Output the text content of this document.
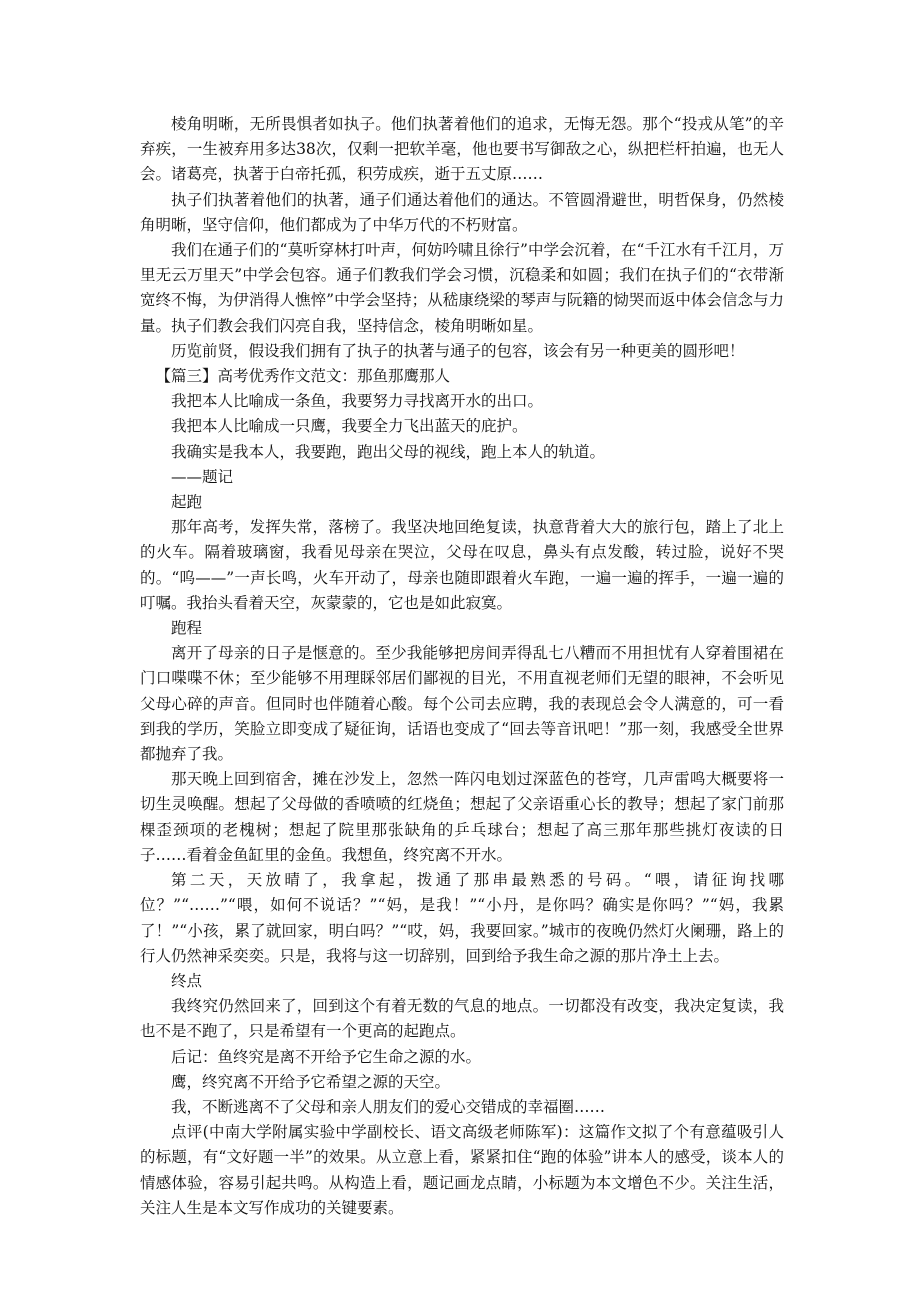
棱角明晰，无所畏惧者如执子。他们执著着他们的追求，无悔无怨。那个“投戎从笔”的辛弃疾，一生被弃用多达38次，仅剩一把软羊毫，他也要书写御敌之心，纵把栏杆拍遍，也无人会。诸葛亮，执著于白帝托孤，积劳成疾，逝于五丈原……

执子们执著着他们的执著，通子们通达着他们的通达。不管圆滑避世，明哲保身，仍然棱角明晰，坚守信仰，他们都成为了中华万代的不朽财富。

我们在通子们的“莫听穿林打叶声，何妨吟啸且徐行”中学会沉着，在“千江水有千江月，万里无云万里天”中学会包容。通子们教我们学会习惯，沉稳柔和如圆；我们在执子们的“衣带渐宽终不悔，为伊消得人憔悴”中学会坚持；从嵇康绕梁的琴声与阮籍的恸哭而返中体会信念与力量。执子们教会我们闪亮自我，坚持信念，棱角明晰如星。

历览前贤，假设我们拥有了执子的执著与通子的包容，该会有另一种更美的圆形吧！

【篇三】高考优秀作文范文：那鱼那鹰那人

我把本人比喻成一条鱼，我要努力寻找离开水的出口。

我把本人比喻成一只鹰，我要全力飞出蓝天的庇护。

我确实是我本人，我要跑，跑出父母的视线，跑上本人的轨道。

——题记

起跑

那年高考，发挥失常，落榜了。我坚决地回绝复读，执意背着大大的旅行包，踏上了北上的火车。隔着玻璃窗，我看见母亲在哭泣，父母在叹息，鼻头有点发酸，转过脸，说好不哭的。“呜——”一声长鸣，火车开动了，母亲也随即跟着火车跑，一遍一遍的挥手，一遍一遍的叮嘱。我抬头看着天空，灰蒙蒙的，它也是如此寂寞。

跑程

离开了母亲的日子是惬意的。至少我能够把房间弄得乱七八糟而不用担忧有人穿着围裙在门口喋喋不休；至少能够不用理睬邻居们鄙视的目光，不用直视老师们无望的眼神，不会听见父母心碎的声音。但同时也伴随着心酸。每个公司去应聘，我的表现总会令人满意的，可一看到我的学历，笑脸立即变成了疑征询，话语也变成了“回去等音讯吧！”那一刻，我感受全世界都抛弃了我。

那天晚上回到宿舍，摊在沙发上，忽然一阵闪电划过深蓝色的苍穹，几声雷鸣大概要将一切生灵唤醒。想起了父母做的香喷喷的红烧鱼；想起了父亲语重心长的教导；想起了家门前那棵歪颈项的老槐树；想起了院里那张缺角的乒乓球台；想起了高三那年那些挑灯夜读的日子……看着金鱼缸里的金鱼。我想鱼，终究离不开水。

第二天，天放晴了，我拿起，拨通了那串最熟悉的号码。“喂，请征询找哪位？”“……”“喂，如何不说话？”“妈，是我！”“小丹，是你吗？确实是你吗？”“妈，我累了！”“小孩，累了就回家，明白吗？”“哎，妈，我要回家。”城市的夜晚仍然灯火阑珊，路上的行人仍然神采奕奕。只是，我将与这一切辞别，回到给予我生命之源的那片净土上去。

终点

我终究仍然回来了，回到这个有着无数的气息的地点。一切都没有改变，我决定复读，我也不是不跑了，只是希望有一个更高的起跑点。

后记：鱼终究是离不开给予它生命之源的水。

鹰，终究离不开给予它希望之源的天空。

我，不断逃离不了父母和亲人朋友们的爱心交错成的幸福圈……

点评(中南大学附属实验中学副校长、语文高级老师陈军)：这篇作文拟了个有意蕴吸引人的标题，有“文好题一半”的效果。从立意上看，紧紧扣住“跑的体验”讲本人的感受，谈本人的情感体验，容易引起共鸣。从构造上看，题记画龙点睛，小标题为本文增色不少。关注生活，关注人生是本文写作成功的关键要素。
